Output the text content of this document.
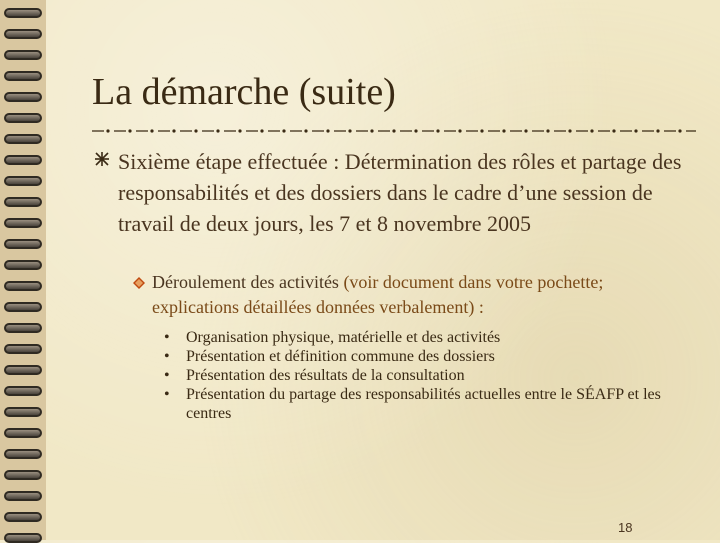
La démarche (suite)
Sixième étape effectuée : Détermination des rôles et partage des responsabilités et des dossiers dans le cadre d’une session de travail de deux jours, les 7 et 8 novembre 2005
Déroulement des activités (voir document dans votre pochette; explications détaillées données verbalement) :
• Organisation physique, matérielle et des activités
• Présentation et définition commune des dossiers
• Présentation des résultats de la consultation
• Présentation du partage des responsabilités actuelles entre le SÉAFP et les centres
18
